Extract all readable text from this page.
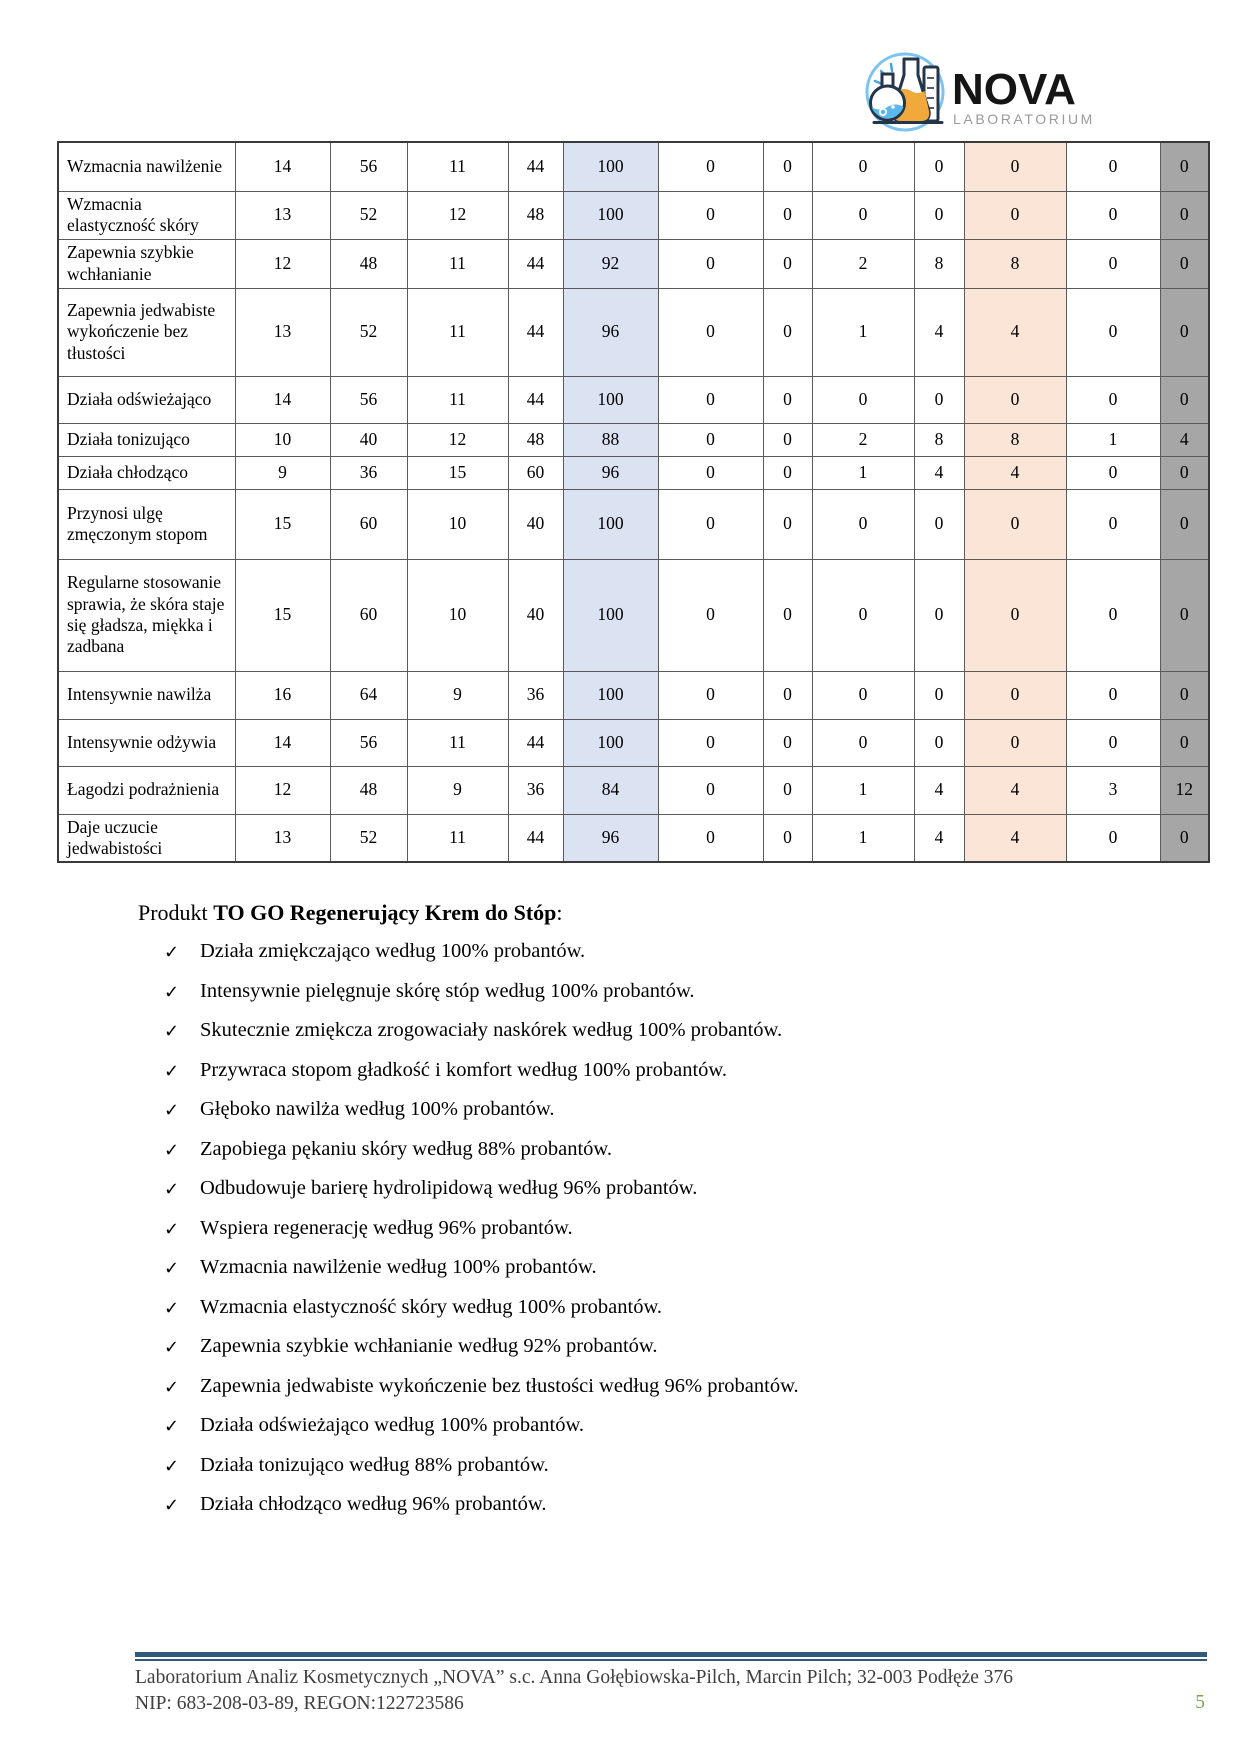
NOVA
LABORATORIUM
Wzmacnia nawilżenie	14	56	11	44	100	0	0	0	0	0	0	0
Wzmacnia elastyczność skóry	13	52	12	48	100	0	0	0	0	0	0	0
Zapewnia szybkie wchłanianie	12	48	11	44	92	0	0	2	8	8	0	0
Zapewnia jedwabiste wykończenie bez tłustości	13	52	11	44	96	0	0	1	4	4	0	0
Działa odświeżająco	14	56	11	44	100	0	0	0	0	0	0	0
Działa tonizująco	10	40	12	48	88	0	0	2	8	8	1	4
Działa chłodząco	9	36	15	60	96	0	0	1	4	4	0	0
Przynosi ulgę zmęczonym stopom	15	60	10	40	100	0	0	0	0	0	0	0
Regularne stosowanie sprawia, że skóra staje się gładsza, miękka i zadbana	15	60	10	40	100	0	0	0	0	0	0	0
Intensywnie nawilża	16	64	9	36	100	0	0	0	0	0	0	0
Intensywnie odżywia	14	56	11	44	100	0	0	0	0	0	0	0
Łagodzi podrażnienia	12	48	9	36	84	0	0	1	4	4	3	12
Daje uczucie jedwabistości	13	52	11	44	96	0	0	1	4	4	0	0
Produkt TO GO Regenerujący Krem do Stóp:
✓	Działa zmiękczająco według 100% probantów.
✓	Intensywnie pielęgnuje skórę stóp według 100% probantów.
✓	Skutecznie zmiękcza zrogowaciały naskórek według 100% probantów.
✓	Przywraca stopom gładkość i komfort według 100% probantów.
✓	Głęboko nawilża według 100% probantów.
✓	Zapobiega pękaniu skóry według 88% probantów.
✓	Odbudowuje barierę hydrolipidową według 96% probantów.
✓	Wspiera regenerację według 96% probantów.
✓	Wzmacnia nawilżenie według 100% probantów.
✓	Wzmacnia elastyczność skóry według 100% probantów.
✓	Zapewnia szybkie wchłanianie według 92% probantów.
✓	Zapewnia jedwabiste wykończenie bez tłustości według 96% probantów.
✓	Działa odświeżająco według 100% probantów.
✓	Działa tonizująco według 88% probantów.
✓	Działa chłodząco według 96% probantów.
Laboratorium Analiz Kosmetycznych „NOVA” s.c. Anna Gołębiowska-Pilch, Marcin Pilch; 32-003 Podłęże 376
NIP: 683-208-03-89, REGON:122723586	5
